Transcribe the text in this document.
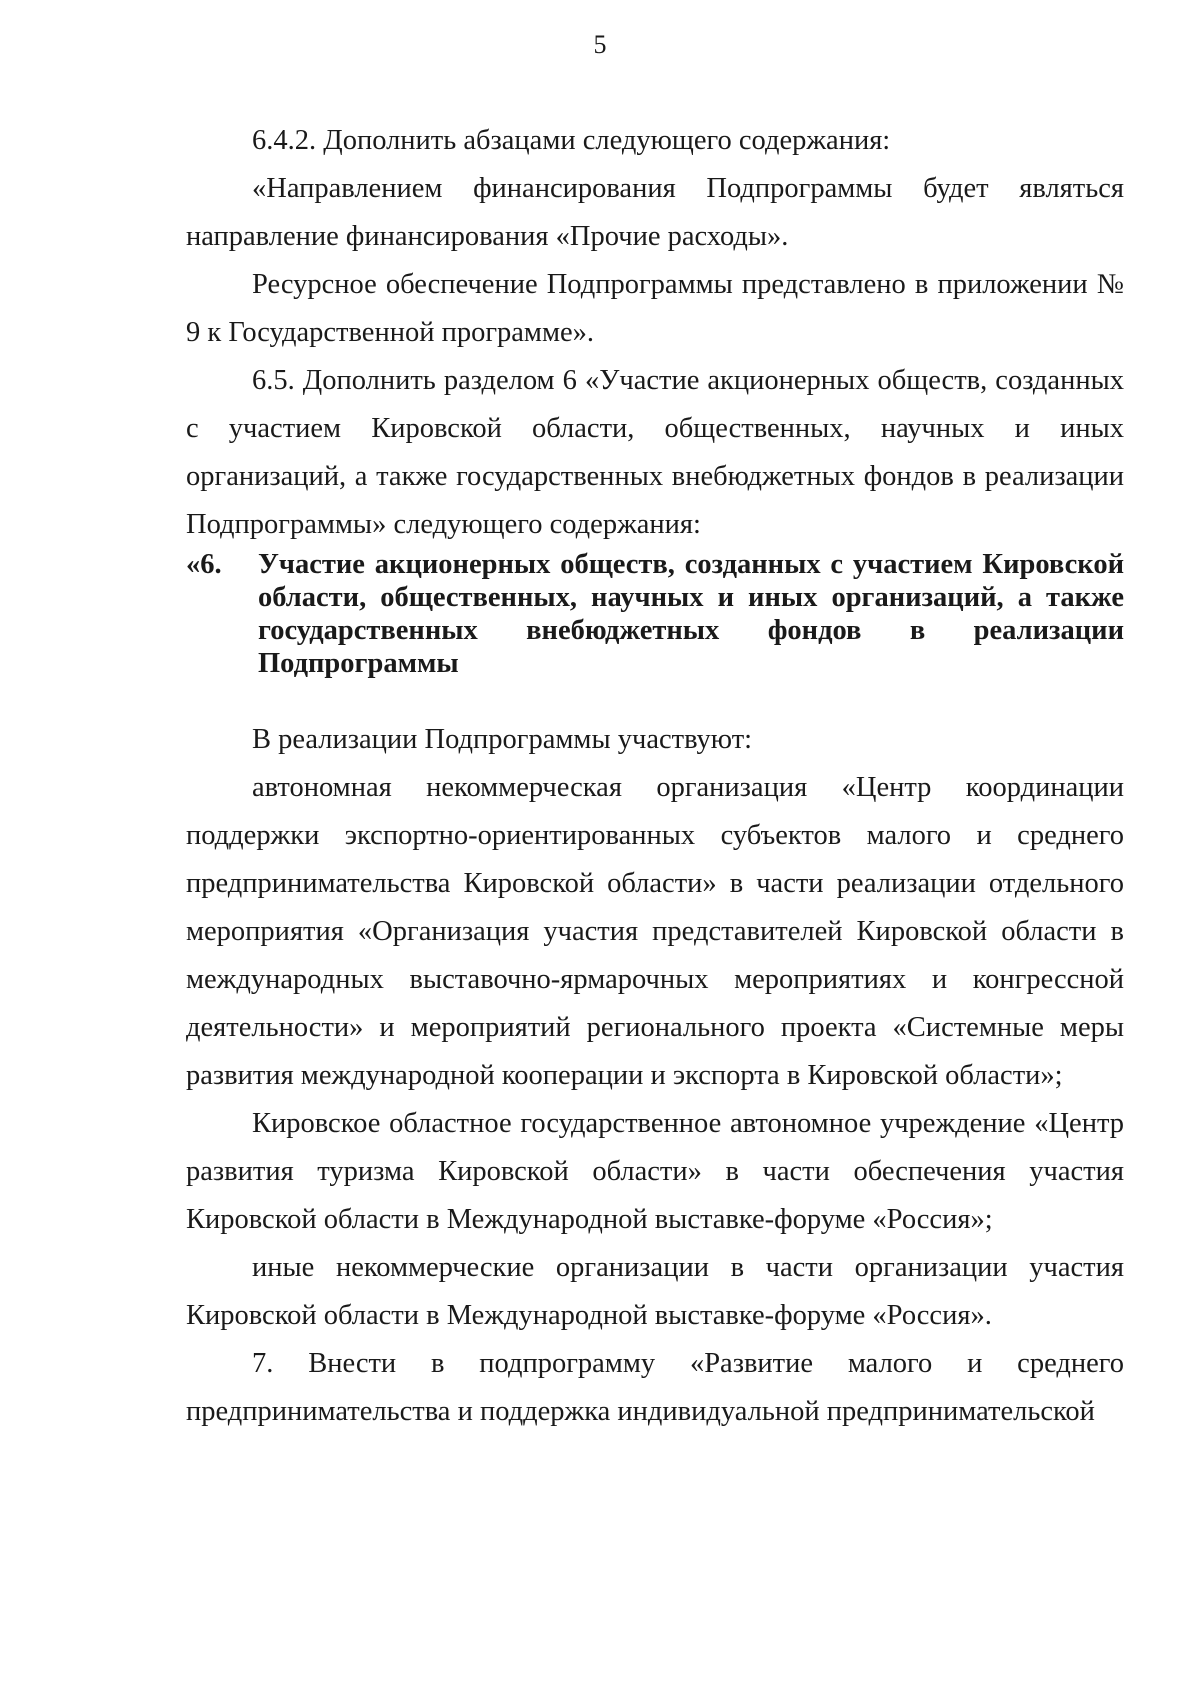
5

6.4.2. Дополнить абзацами следующего содержания:

«Направлением финансирования Подпрограммы будет являться направление финансирования «Прочие расходы».

Ресурсное обеспечение Подпрограммы представлено в приложении № 9 к Государственной программе».

6.5. Дополнить разделом 6 «Участие акционерных обществ, созданных с участием Кировской области, общественных, научных и иных организаций, а также государственных внебюджетных фондов в реализации Подпрограммы» следующего содержания:

«6.	Участие акционерных обществ, созданных с участием Кировской области, общественных, научных и иных организаций, а также государственных внебюджетных фондов в реализации Подпрограммы

В реализации Подпрограммы участвуют:

автономная некоммерческая организация «Центр координации поддержки экспортно-ориентированных субъектов малого и среднего предпринимательства Кировской области» в части реализации отдельного мероприятия «Организация участия представителей Кировской области в международных выставочно-ярмарочных мероприятиях и конгрессной деятельности» и мероприятий регионального проекта «Системные меры развития международной кооперации и экспорта в Кировской области»;

Кировское областное государственное автономное учреждение «Центр развития туризма Кировской области» в части обеспечения участия Кировской области в Международной выставке-форуме «Россия»;

иные некоммерческие организации в части организации участия Кировской области в Международной выставке-форуме «Россия».

7. Внести в подпрограмму «Развитие малого и среднего предпринимательства и поддержка индивидуальной предпринимательской
